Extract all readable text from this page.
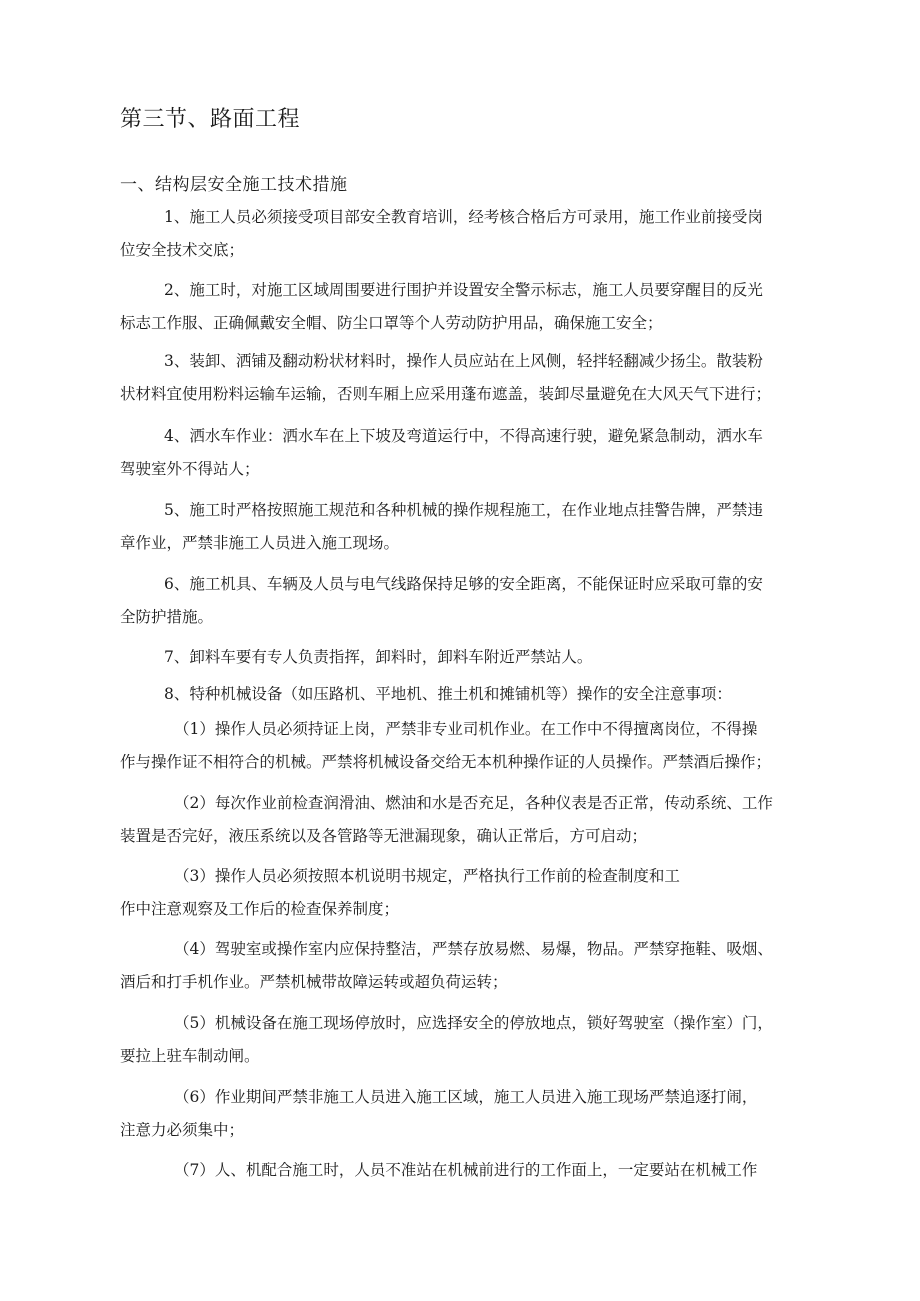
第三节、路面工程
一、结构层安全施工技术措施
1、施工人员必须接受项目部安全教育培训，经考核合格后方可录用，施工作业前接受岗
位安全技术交底；
2、施工时，对施工区域周围要进行围护并设置安全警示标志，施工人员要穿醒目的反光
标志工作服、正确佩戴安全帽、防尘口罩等个人劳动防护用品，确保施工安全；
3、装卸、洒铺及翻动粉状材料时，操作人员应站在上风侧，轻拌轻翻减少扬尘。散装粉
状材料宜使用粉料运输车运输，否则车厢上应采用蓬布遮盖，装卸尽量避免在大风天气下进行；
4、洒水车作业：洒水车在上下坡及弯道运行中，不得高速行驶，避免紧急制动，洒水车
驾驶室外不得站人；
5、施工时严格按照施工规范和各种机械的操作规程施工，在作业地点挂警告牌，严禁违
章作业，严禁非施工人员进入施工现场。
6、施工机具、车辆及人员与电气线路保持足够的安全距离，不能保证时应采取可靠的安
全防护措施。
7、卸料车要有专人负责指挥，卸料时，卸料车附近严禁站人。
8、特种机械设备（如压路机、平地机、推土机和摊铺机等）操作的安全注意事项：
（1）操作人员必须持证上岗，严禁非专业司机作业。在工作中不得擅离岗位，不得操
作与操作证不相符合的机械。严禁将机械设备交给无本机种操作证的人员操作。严禁酒后操作；
（2）每次作业前检查润滑油、燃油和水是否充足，各种仪表是否正常，传动系统、工作
装置是否完好，液压系统以及各管路等无泄漏现象，确认正常后，方可启动；
（3）操作人员必须按照本机说明书规定，严格执行工作前的检查制度和工
作中注意观察及工作后的检查保养制度；
（4）驾驶室或操作室内应保持整洁，严禁存放易燃、易爆，物品。严禁穿拖鞋、吸烟、
酒后和打手机作业。严禁机械带故障运转或超负荷运转；
（5）机械设备在施工现场停放时，应选择安全的停放地点，锁好驾驶室（操作室）门，
要拉上驻车制动闸。
（6）作业期间严禁非施工人员进入施工区域，施工人员进入施工现场严禁追逐打闹，
注意力必须集中；
（7）人、机配合施工时，人员不准站在机械前进行的工作面上，一定要站在机械工作
